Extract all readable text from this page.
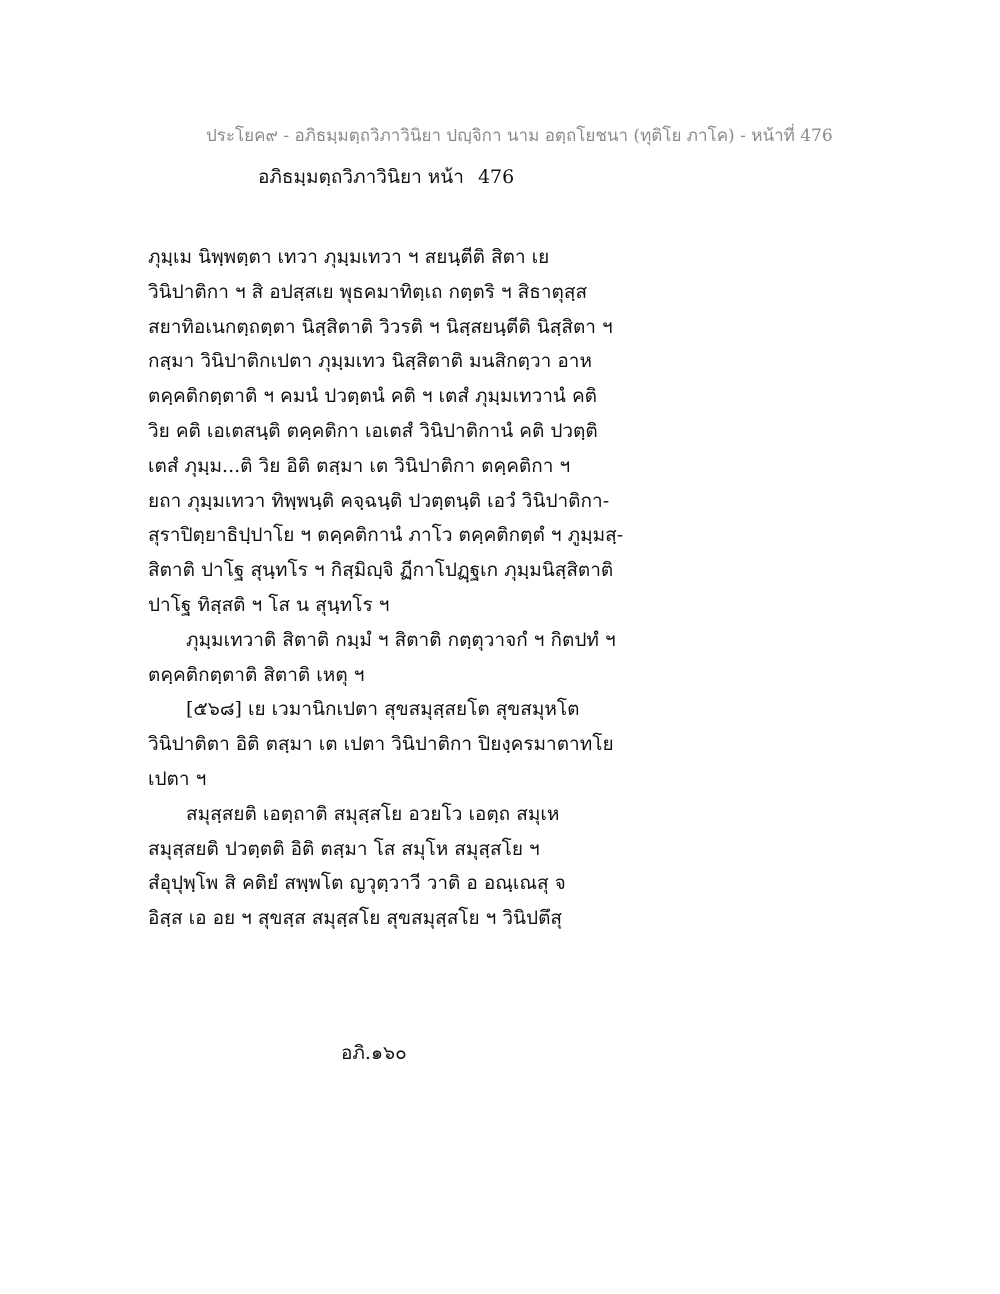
ประโยค๙ - อภิธมฺมตฺถวิภาวินิยา ปญฺจิกา นาม อตฺถโยชนา (ทุติโย ภาโค) - หน้าที่ 476
อภิธมฺมตฺถวิภาวินิยา หน้า 476
ภุมฺเม นิพฺพตฺตา เทวา ภุมฺมเทวา ฯ สยนฺตีติ สิตา เย
วินิปาติกา ฯ สิ อปสฺสเย พุธคมาทิตฺเถ กตฺตริ ฯ สิธาตุสฺส
สยาทิอเนกตฺถตฺตา นิสฺสิตาติ วิวรติ ฯ นิสฺสยนฺตีติ นิสฺสิตา ฯ
กสฺมา วินิปาติกเปตา ภุมฺมเทว นิสฺสิตาติ มนสิกตฺวา อาห
ตคฺคติกตฺตาติ ฯ คมนํ ปวตฺตนํ คติ ฯ เตสํ ภุมฺมเทวานํ คติ
วิย คติ เอเตสนฺติ ตคฺคติกา เอเตสํ วินิปาติกานํ คติ ปวตฺติ
เตสํ ภุมฺม...ติ วิย อิติ ตสฺมา เต วินิปาติกา ตคฺคติกา ฯ
ยถา ภุมฺมเทวา ทิพฺพนฺติ คจฺฉนฺติ ปวตฺตนฺติ เอวํ วินิปาติกา-
สุราปิตฺยาธิปฺปาโย ฯ ตคฺคติกานํ ภาโว ตคฺคติกตฺตํ ฯ ภูมฺมสฺ-
สิตาติ ปาโฐ สุนฺทโร ฯ กิสฺมิญฺจิ ฏีกาโปฏฺฐเก ภุมฺมนิสฺสิตาติ
ปาโฐ ทิสฺสติ ฯ โส น สุนฺทโร ฯ
ภุมฺมเทวาติ สิตาติ กมฺมํ ฯ สิตาติ กตฺตุวาจกํ ฯ กิตปทํ ฯ
ตคฺคติกตฺตาติ สิตาติ เหตุ ฯ
[๕๖๘] เย เวมานิกเปตา สุขสมุสฺสยโต สุขสมุหโต
วินิปาติตา อิติ ตสฺมา เต เปตา วินิปาติกา ปิยงฺครมาตาทโย
เปตา ฯ
สมุสฺสยติ เอตฺถาติ สมุสฺสโย อวยโว เอตฺถ สมุเห
สมุสฺสยติ ปวตฺตติ อิติ ตสฺมา โส สมุโห สมุสฺสโย ฯ
สํอุปุพฺโพ สิ คติยํ สพฺพโต ญวุตฺวาวี วาติ อ อณฺเณสุ จ
อิสฺส เอ อย ฯ สุขสฺส สมุสฺสโย สุขสมุสฺสโย ฯ วินิปตึสุ
อภิ.๑๖๐
